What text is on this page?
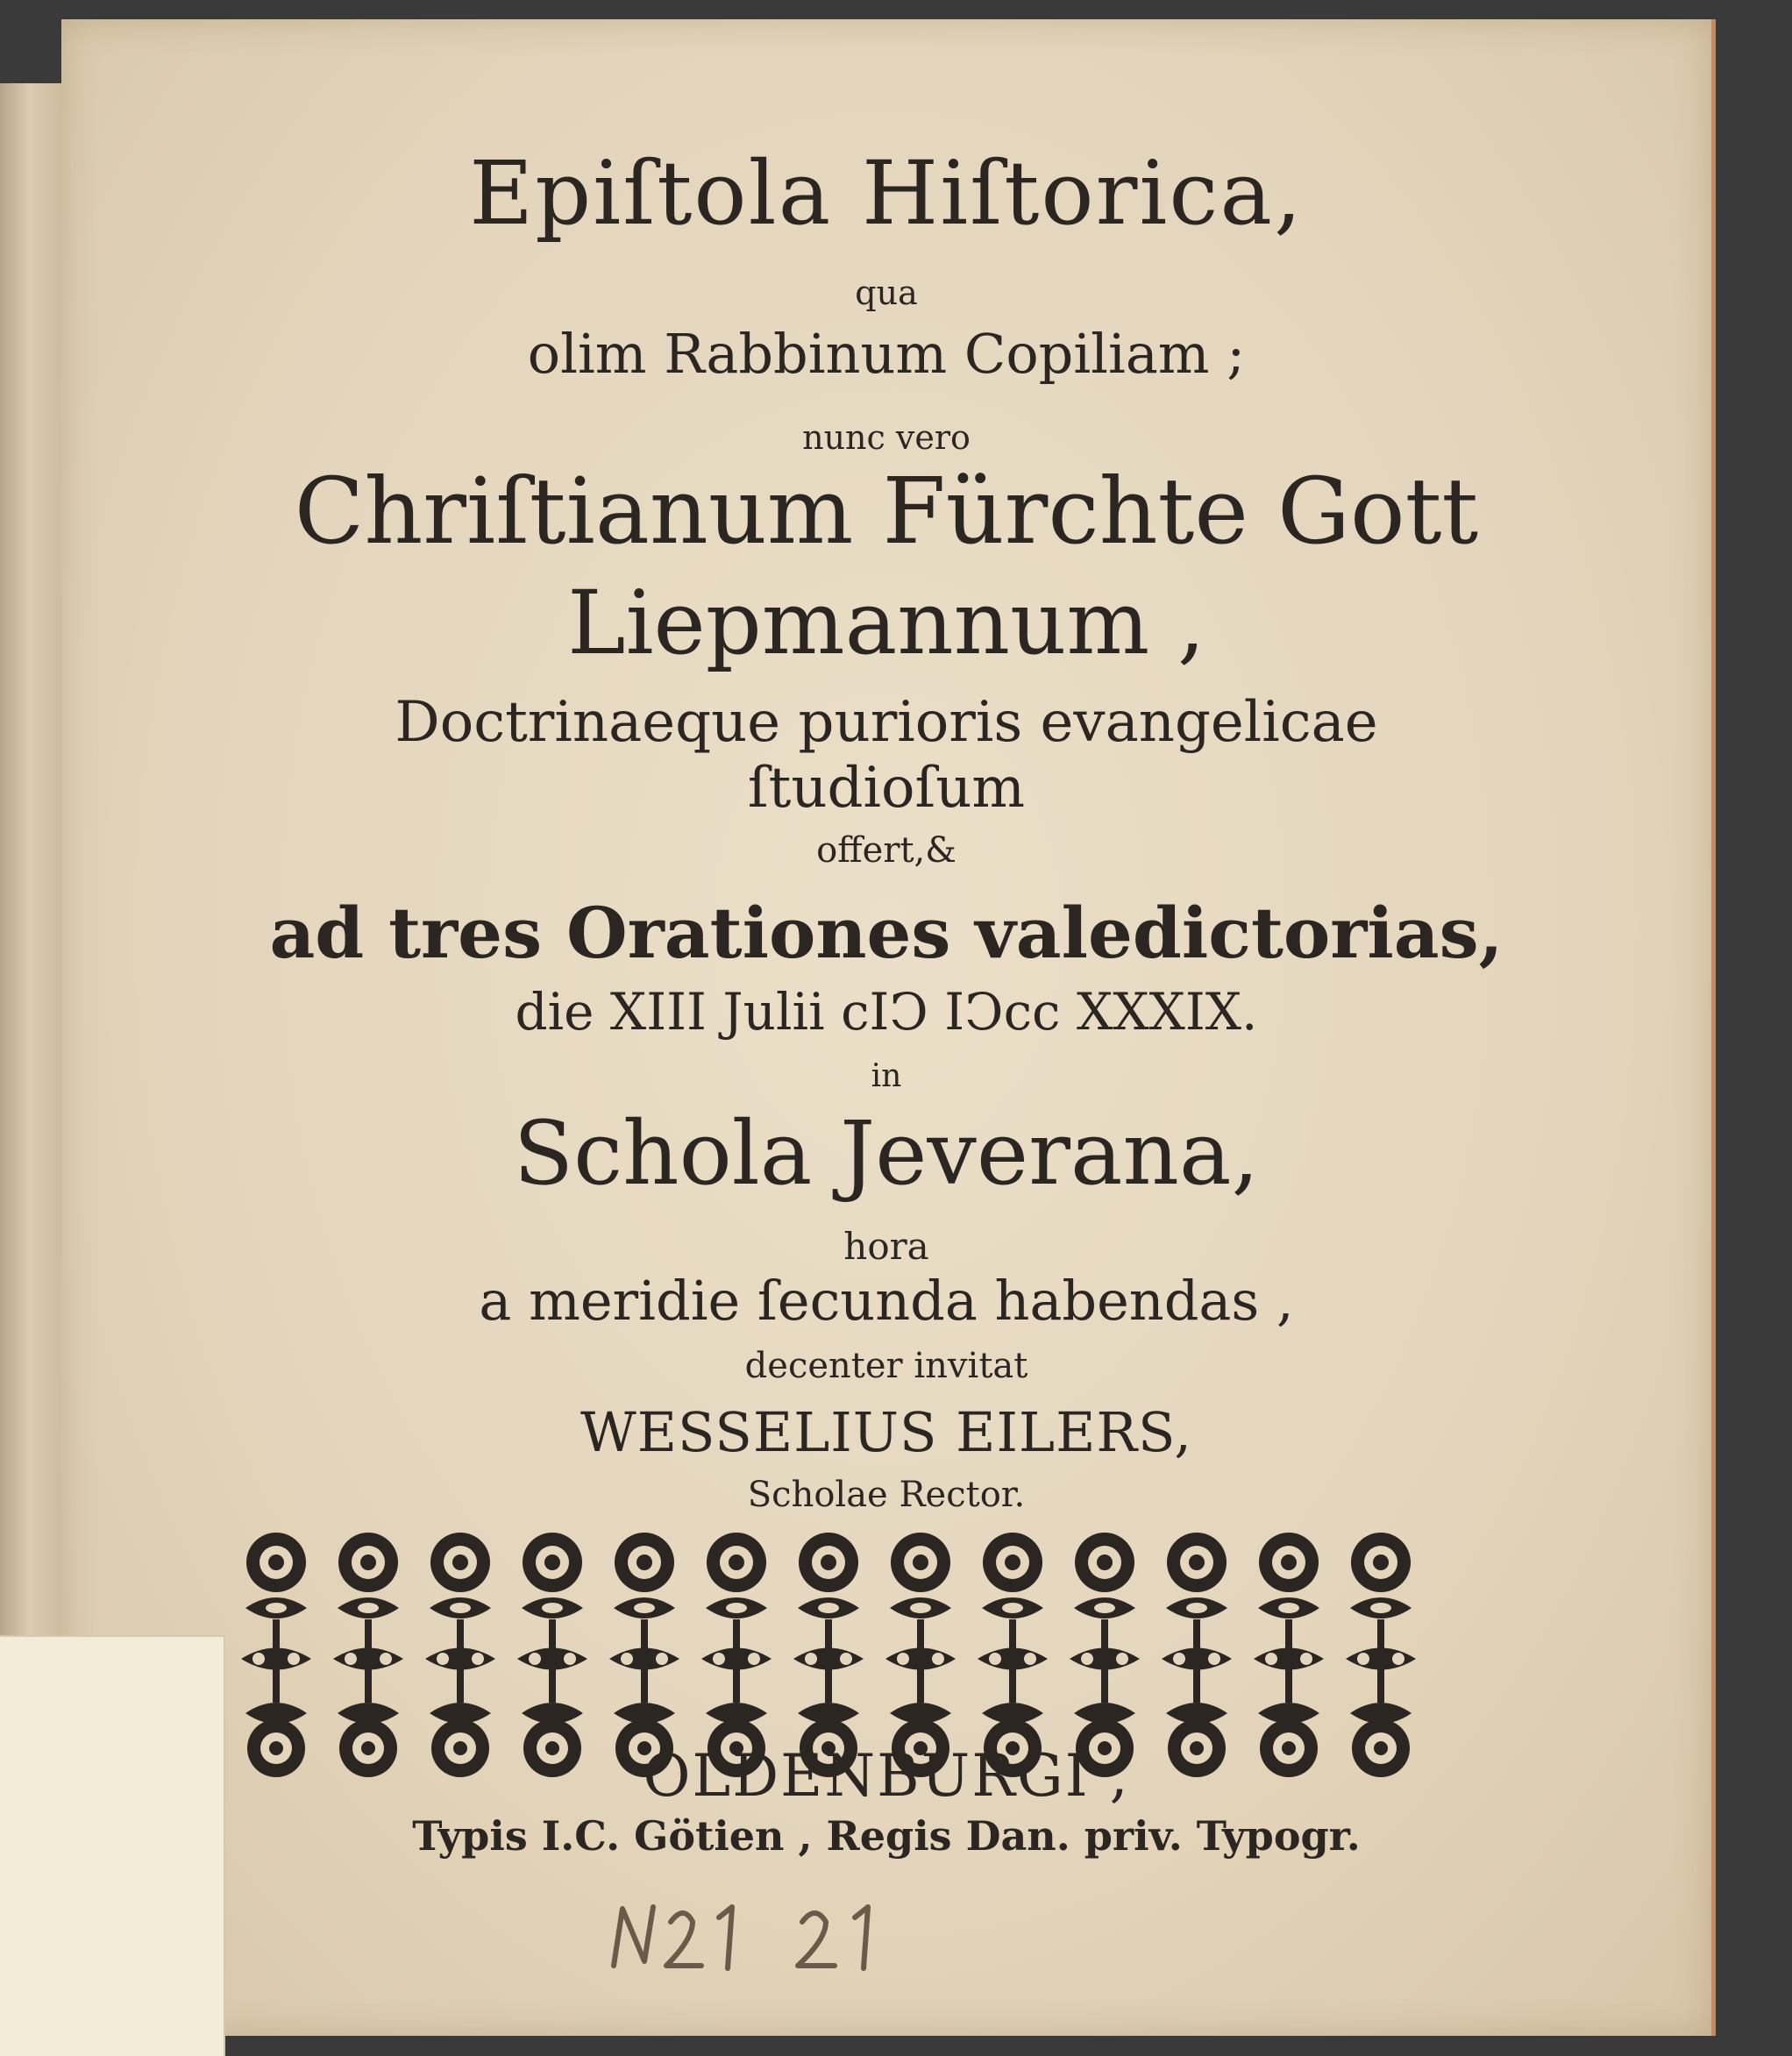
Epiſtola Hiſtorica,

qua

olim Rabbinum Copiliam ;

nunc vero

Chriſtianum Fürchte Gott

Liepmannum ,

Doctrinaeque purioris evangelicae

ſtudioſum

offert,&

ad tres Orationes valedictorias,

die XIII Julii cIↃ IↃcc XXXIX.

in

Schola Jeverana,

hora

a meridie ſecunda habendas ,

decenter invitat

WESSELIUS EILERS,

Scholae Rector.

OLDENBURGI ,

Typis I.C. Götien , Regis Dan. priv. Typogr.
